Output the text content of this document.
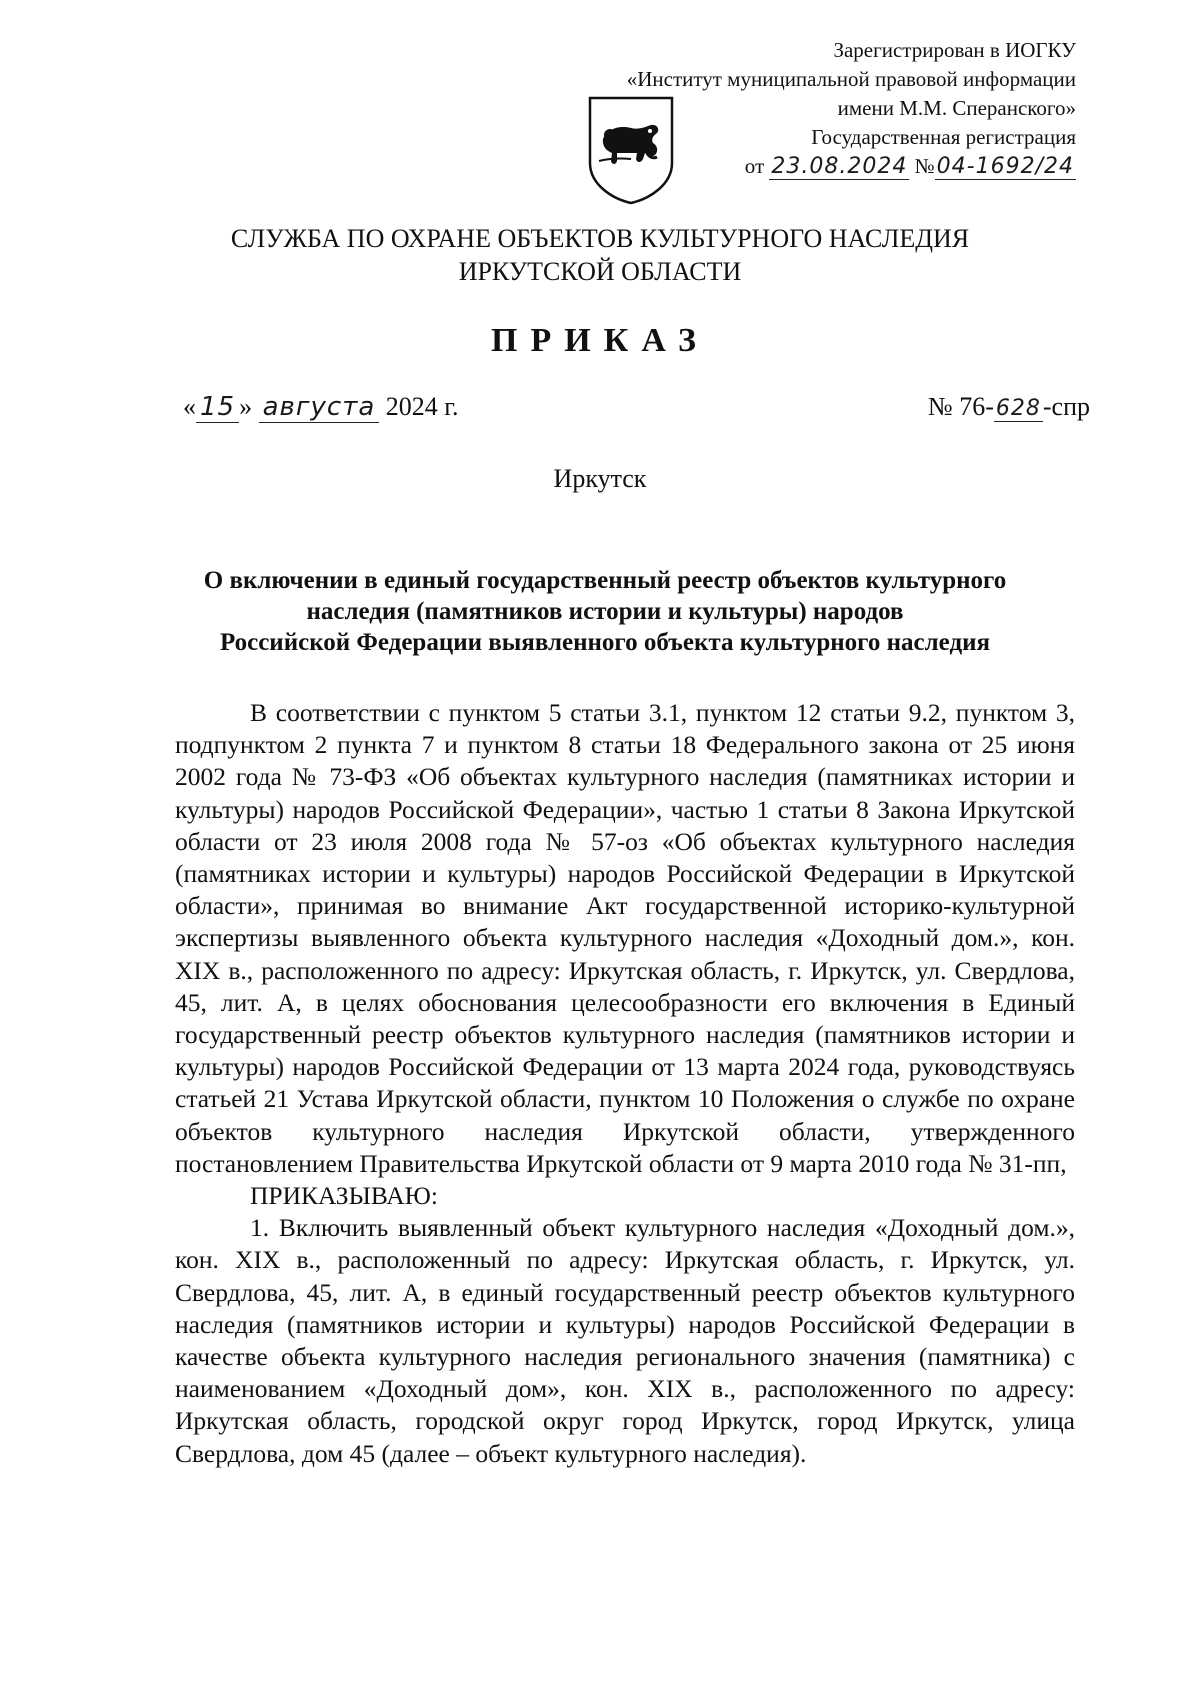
Зарегистрирован в ИОГКУ
«Институт муниципальной правовой информации
имени М.М. Сперанского»
Государственная регистрация
от 23.08.2024 №04-1692/24
СЛУЖБА ПО ОХРАНЕ ОБЪЕКТОВ КУЛЬТУРНОГО НАСЛЕДИЯ
ИРКУТСКОЙ ОБЛАСТИ
ПРИКАЗ
« 15 » августа 2024 г.	№ 76-628-спр
Иркутск
О включении в единый государственный реестр объектов культурного
наследия (памятников истории и культуры) народов
Российской Федерации выявленного объекта культурного наследия

В соответствии с пунктом 5 статьи 3.1, пунктом 12 статьи 9.2, пунктом 3, подпунктом 2 пункта 7 и пунктом 8 статьи 18 Федерального закона от 25 июня 2002 года № 73-ФЗ «Об объектах культурного наследия (памятниках истории и культуры) народов Российской Федерации», частью 1 статьи 8 Закона Иркутской области от 23 июля 2008 года № 57-оз «Об объектах культурного наследия (памятниках истории и культуры) народов Российской Федерации в Иркутской области», принимая во внимание Акт государственной историко-культурной экспертизы выявленного объекта культурного наследия «Доходный дом.», кон. XIX в., расположенного по адресу: Иркутская область, г. Иркутск, ул. Свердлова, 45, лит. А, в целях обоснования целесообразности его включения в Единый государственный реестр объектов культурного наследия (памятников истории и культуры) народов Российской Федерации от 13 марта 2024 года, руководствуясь статьей 21 Устава Иркутской области, пунктом 10 Положения о службе по охране объектов культурного наследия Иркутской области, утвержденного постановлением Правительства Иркутской области от 9 марта 2010 года № 31-пп,

ПРИКАЗЫВАЮ:

1. Включить выявленный объект культурного наследия «Доходный дом.», кон. XIX в., расположенный по адресу: Иркутская область, г. Иркутск, ул. Свердлова, 45, лит. А, в единый государственный реестр объектов культурного наследия (памятников истории и культуры) народов Российской Федерации в качестве объекта культурного наследия регионального значения (памятника) с наименованием «Доходный дом», кон. XIX в., расположенного по адресу: Иркутская область, городской округ город Иркутск, город Иркутск, улица Свердлова, дом 45 (далее – объект культурного наследия).
